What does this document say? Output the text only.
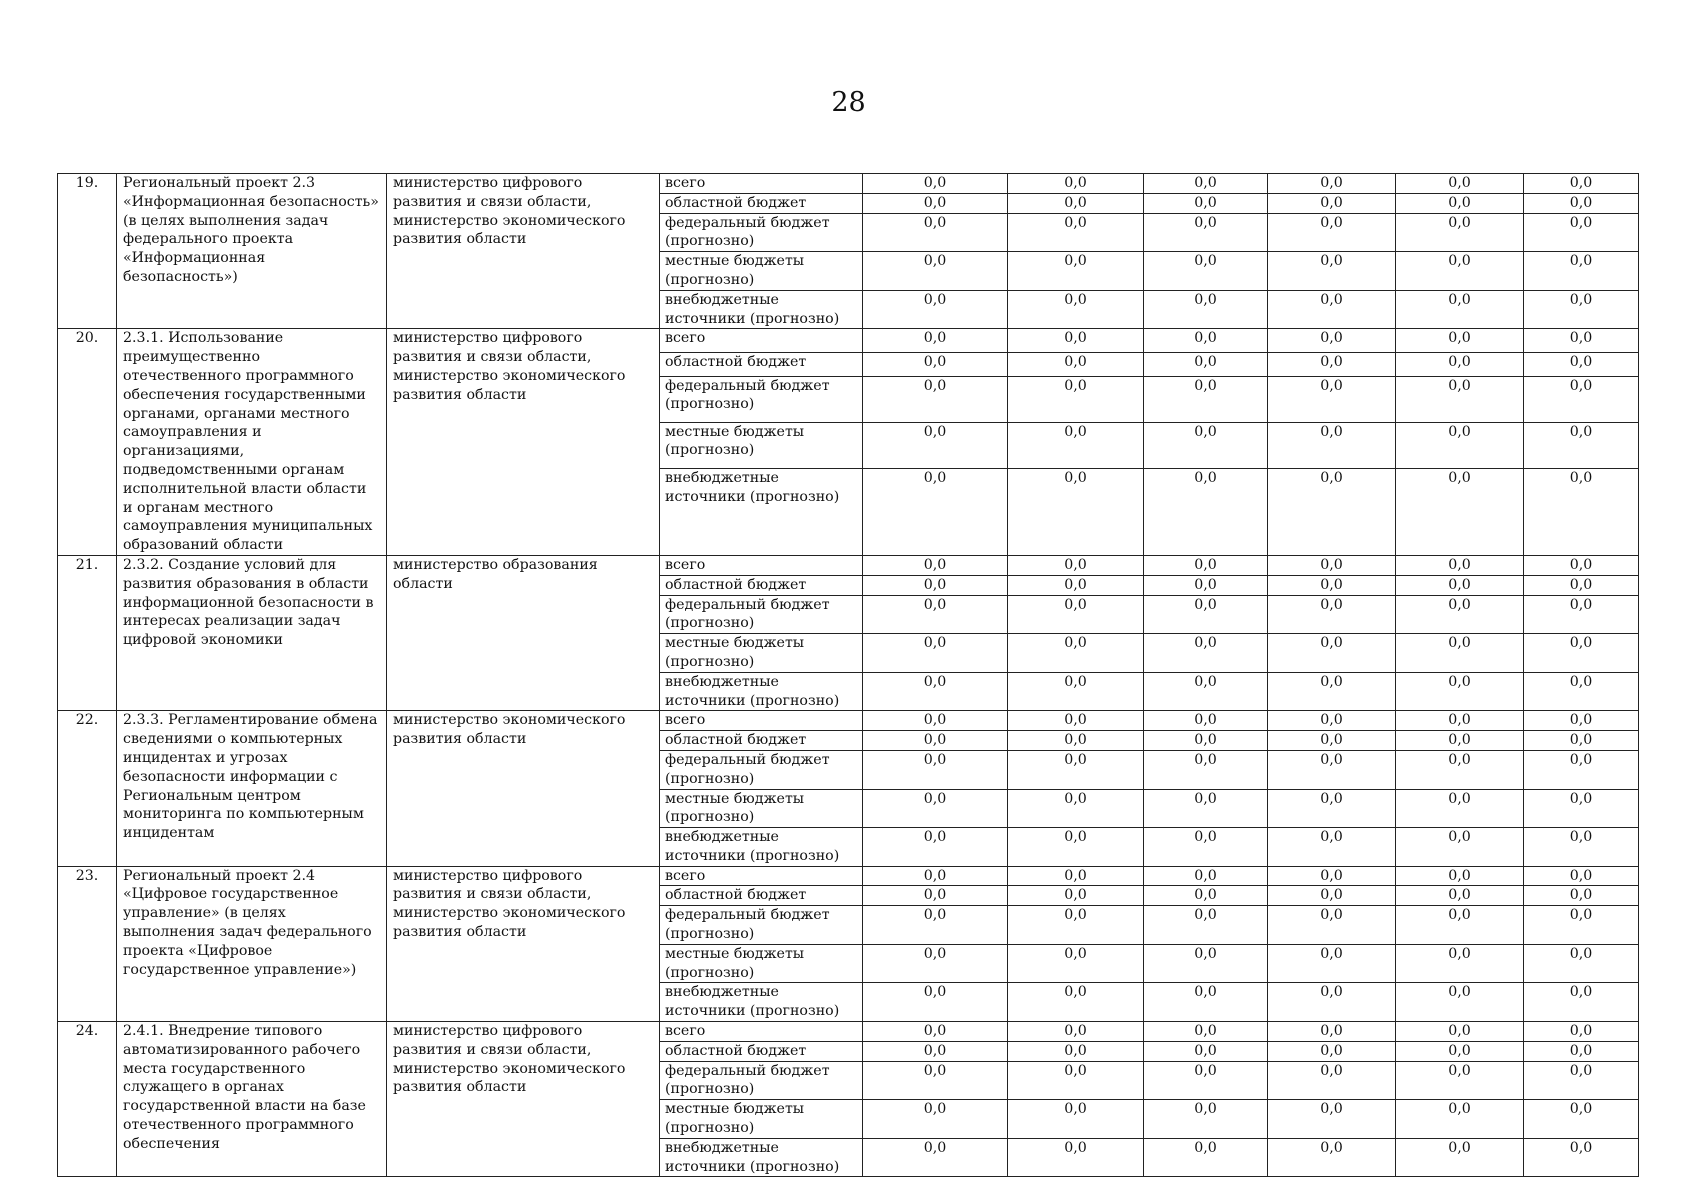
28
19.	Региональный проект 2.3 «Информационная безопасность» (в целях выполнения задач федерального проекта «Информационная безопасность»)	министерство цифрового развития и связи области, министерство экономического развития области	всего	0,0	0,0	0,0	0,0	0,0	0,0
			областной бюджет	0,0	0,0	0,0	0,0	0,0	0,0
			федеральный бюджет (прогнозно)	0,0	0,0	0,0	0,0	0,0	0,0
			местные бюджеты (прогнозно)	0,0	0,0	0,0	0,0	0,0	0,0
			внебюджетные источники (прогнозно)	0,0	0,0	0,0	0,0	0,0	0,0
20.	2.3.1. Использование преимущественно отечественного программного обеспечения государственными органами, органами местного самоуправления и организациями, подведомственными органам исполнительной власти области и органам местного самоуправления муниципальных образований области	министерство цифрового развития и связи области, министерство экономического развития области	всего	0,0	0,0	0,0	0,0	0,0	0,0
			областной бюджет	0,0	0,0	0,0	0,0	0,0	0,0
			федеральный бюджет (прогнозно)	0,0	0,0	0,0	0,0	0,0	0,0
			местные бюджеты (прогнозно)	0,0	0,0	0,0	0,0	0,0	0,0
			внебюджетные источники (прогнозно)	0,0	0,0	0,0	0,0	0,0	0,0
21.	2.3.2. Создание условий для развития образования в области информационной безопасности в интересах реализации задач цифровой экономики	министерство образования области	всего	0,0	0,0	0,0	0,0	0,0	0,0
			областной бюджет	0,0	0,0	0,0	0,0	0,0	0,0
			федеральный бюджет (прогнозно)	0,0	0,0	0,0	0,0	0,0	0,0
			местные бюджеты (прогнозно)	0,0	0,0	0,0	0,0	0,0	0,0
			внебюджетные источники (прогнозно)	0,0	0,0	0,0	0,0	0,0	0,0
22.	2.3.3. Регламентирование обмена сведениями о компьютерных инцидентах и угрозах безопасности информации с Региональным центром мониторинга по компьютерным инцидентам	министерство экономического развития области	всего	0,0	0,0	0,0	0,0	0,0	0,0
			областной бюджет	0,0	0,0	0,0	0,0	0,0	0,0
			федеральный бюджет (прогнозно)	0,0	0,0	0,0	0,0	0,0	0,0
			местные бюджеты (прогнозно)	0,0	0,0	0,0	0,0	0,0	0,0
			внебюджетные источники (прогнозно)	0,0	0,0	0,0	0,0	0,0	0,0
23.	Региональный проект 2.4 «Цифровое государственное управление» (в целях выполнения задач федерального проекта «Цифровое государственное управление»)	министерство цифрового развития и связи области, министерство экономического развития области	всего	0,0	0,0	0,0	0,0	0,0	0,0
			областной бюджет	0,0	0,0	0,0	0,0	0,0	0,0
			федеральный бюджет (прогнозно)	0,0	0,0	0,0	0,0	0,0	0,0
			местные бюджеты (прогнозно)	0,0	0,0	0,0	0,0	0,0	0,0
			внебюджетные источники (прогнозно)	0,0	0,0	0,0	0,0	0,0	0,0
24.	2.4.1. Внедрение типового автоматизированного рабочего места государственного служащего в органах государственной власти на базе отечественного программного обеспечения	министерство цифрового развития и связи области, министерство экономического развития области	всего	0,0	0,0	0,0	0,0	0,0	0,0
			областной бюджет	0,0	0,0	0,0	0,0	0,0	0,0
			федеральный бюджет (прогнозно)	0,0	0,0	0,0	0,0	0,0	0,0
			местные бюджеты (прогнозно)	0,0	0,0	0,0	0,0	0,0	0,0
			внебюджетные источники (прогнозно)	0,0	0,0	0,0	0,0	0,0	0,0
